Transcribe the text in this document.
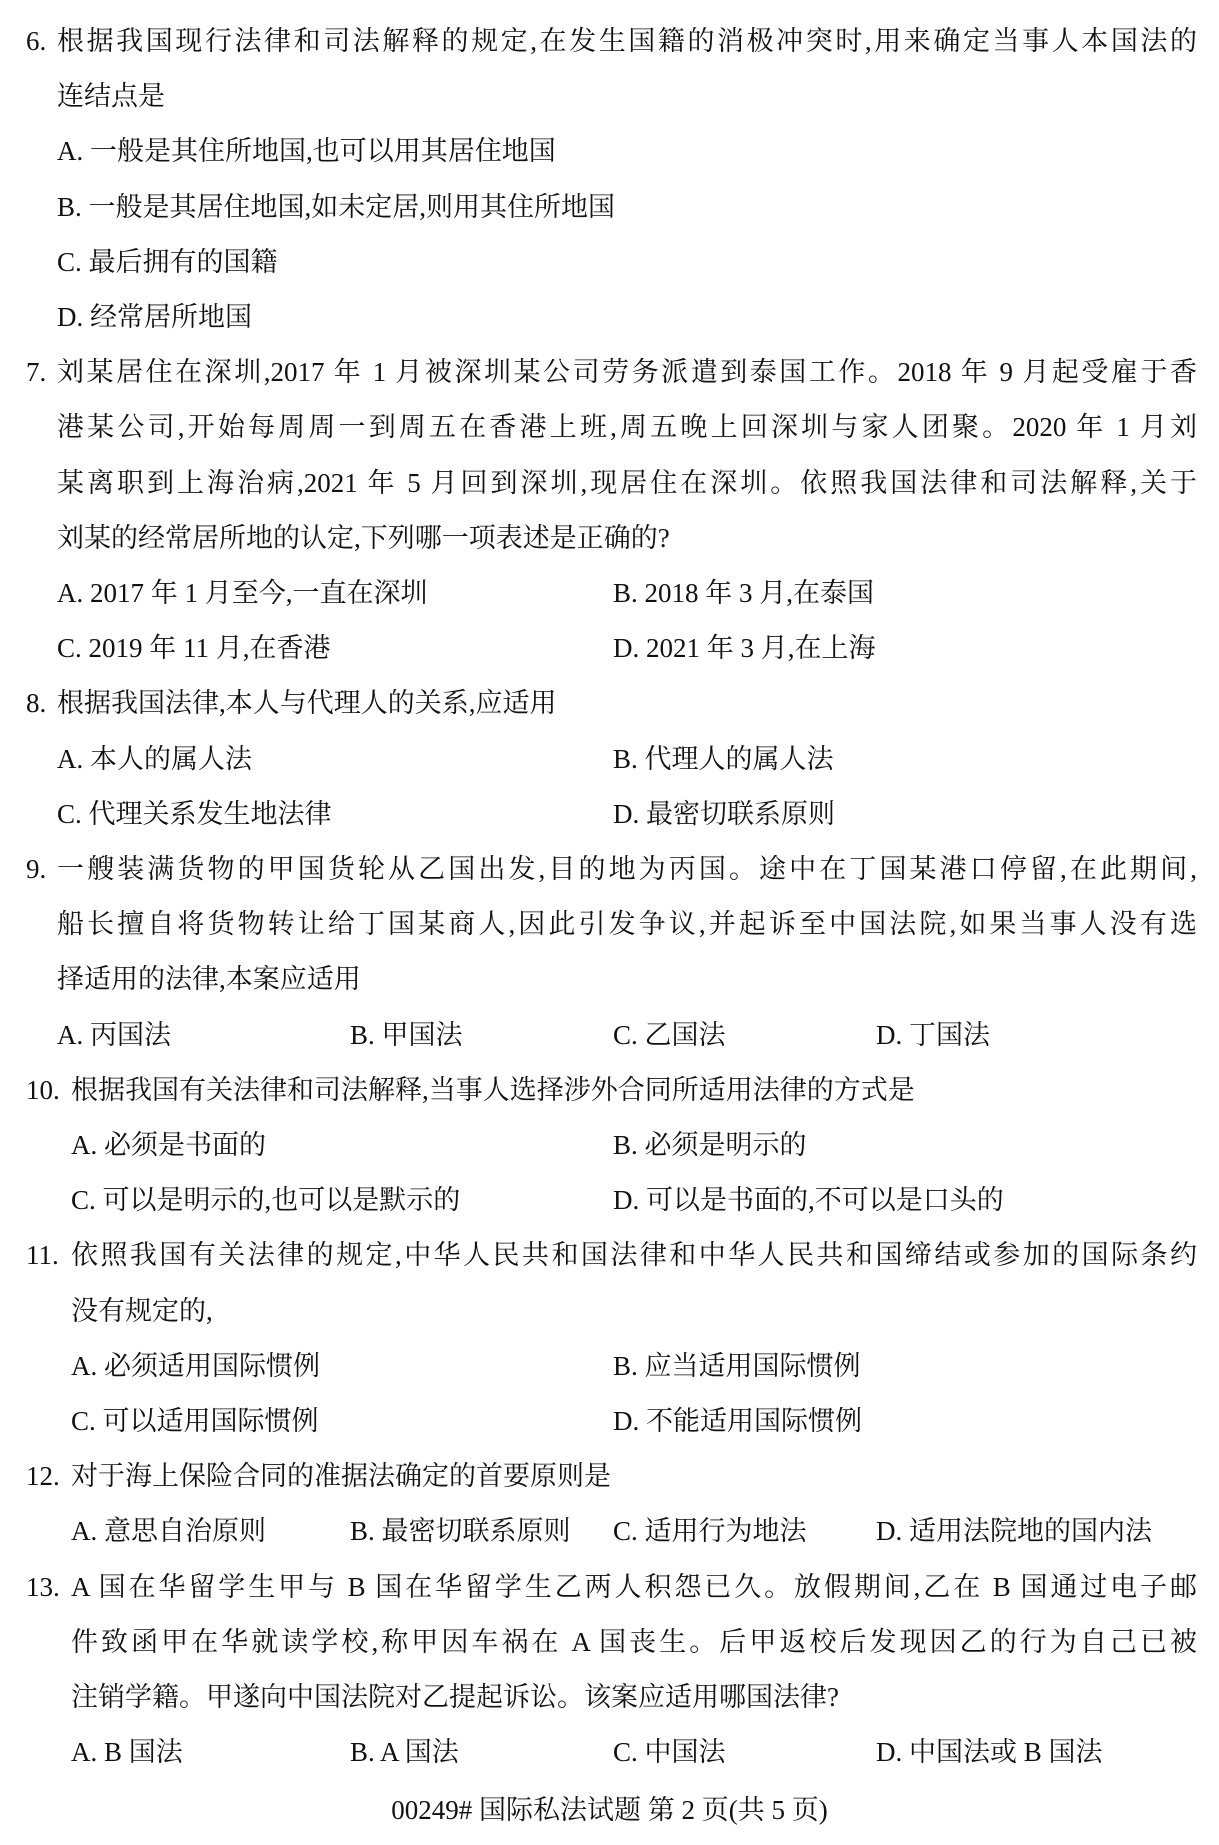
6. 根据我国现行法律和司法解释的规定,在发生国籍的消极冲突时,用来确定当事人本国法的
连结点是
A. 一般是其住所地国,也可以用其居住地国
B. 一般是其居住地国,如未定居,则用其住所地国
C. 最后拥有的国籍
D. 经常居所地国
7. 刘某居住在深圳,2017 年 1 月被深圳某公司劳务派遣到泰国工作。2018 年 9 月起受雇于香
港某公司,开始每周周一到周五在香港上班,周五晚上回深圳与家人团聚。2020 年 1 月刘
某离职到上海治病,2021 年 5 月回到深圳,现居住在深圳。依照我国法律和司法解释,关于
刘某的经常居所地的认定,下列哪一项表述是正确的?
A. 2017 年 1 月至今,一直在深圳	B. 2018 年 3 月,在泰国
C. 2019 年 11 月,在香港	D. 2021 年 3 月,在上海
8. 根据我国法律,本人与代理人的关系,应适用
A. 本人的属人法	B. 代理人的属人法
C. 代理关系发生地法律	D. 最密切联系原则
9. 一艘装满货物的甲国货轮从乙国出发,目的地为丙国。途中在丁国某港口停留,在此期间,
船长擅自将货物转让给丁国某商人,因此引发争议,并起诉至中国法院,如果当事人没有选
择适用的法律,本案应适用
A. 丙国法	B. 甲国法	C. 乙国法	D. 丁国法
10. 根据我国有关法律和司法解释,当事人选择涉外合同所适用法律的方式是
A. 必须是书面的	B. 必须是明示的
C. 可以是明示的,也可以是默示的	D. 可以是书面的,不可以是口头的
11. 依照我国有关法律的规定,中华人民共和国法律和中华人民共和国缔结或参加的国际条约
没有规定的,
A. 必须适用国际惯例	B. 应当适用国际惯例
C. 可以适用国际惯例	D. 不能适用国际惯例
12. 对于海上保险合同的准据法确定的首要原则是
A. 意思自治原则	B. 最密切联系原则 C. 适用行为地法	D. 适用法院地的国内法
13. A 国在华留学生甲与 B 国在华留学生乙两人积怨已久。放假期间,乙在 B 国通过电子邮
件致函甲在华就读学校,称甲因车祸在 A 国丧生。后甲返校后发现因乙的行为自己已被
注销学籍。甲遂向中国法院对乙提起诉讼。该案应适用哪国法律?
A. B 国法	B. A 国法	C. 中国法	D. 中国法或 B 国法
00249# 国际私法试题 第 2 页(共 5 页)
